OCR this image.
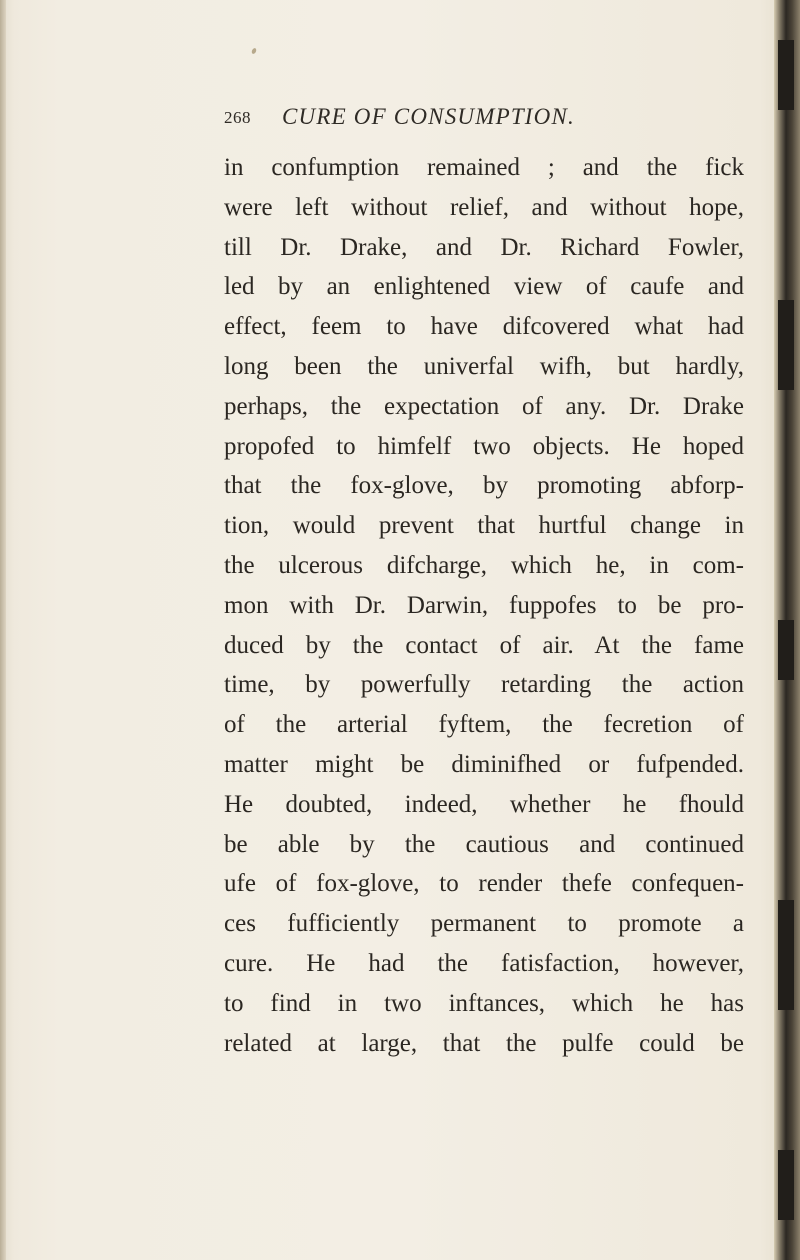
268 CURE OF CONSUMPTION.
in confumption remained ; and the fick
were left without relief, and without hope,
till Dr. Drake, and Dr. Richard Fowler,
led by an enlightened view of caufe and
effect, feem to have difcovered what had
long been the univerfal wifh, but hardly,
perhaps, the expectation of any. Dr. Drake
propofed to himfelf two objects. He hoped
that the fox-glove, by promoting abforp-
tion, would prevent that hurtful change in
the ulcerous difcharge, which he, in com-
mon with Dr. Darwin, fuppofes to be pro-
duced by the contact of air. At the fame
time, by powerfully retarding the action
of the arterial fyftem, the fecretion of
matter might be diminifhed or fufpended.
He doubted, indeed, whether he fhould
be able by the cautious and continued
ufe of fox-glove, to render thefe confequen-
ces fufficiently permanent to promote a
cure. He had the fatisfaction, however,
to find in two inftances, which he has
related at large, that the pulfe could be
